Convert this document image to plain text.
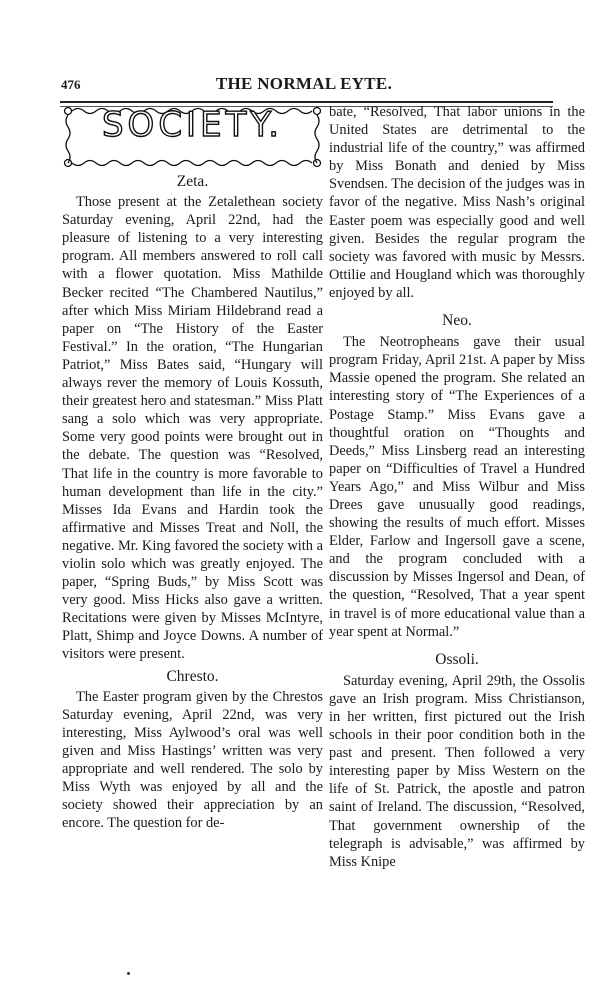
476	THE NORMAL EYTE.
SOCIETY.
Zeta.

Those present at the Zetalethean society Saturday evening, April 22nd, had the pleasure of listening to a very interesting program. All members answered to roll call with a flower quotation. Miss Mathilde Becker recited “The Chambered Nautilus,” after which Miss Miriam Hildebrand read a paper on “The History of the Easter Festival.” In the oration, “The Hungarian Patriot,” Miss Bates said, “Hungary will always rever the memory of Louis Kossuth, their greatest hero and statesman.” Miss Platt sang a solo which was very appropriate. Some very good points were brought out in the debate. The question was “Resolved, That life in the country is more favorable to human development than life in the city.” Misses Ida Evans and Hardin took the affirmative and Misses Treat and Noll, the negative. Mr. King favored the society with a violin solo which was greatly enjoyed. The paper, “Spring Buds,” by Miss Scott was very good. Miss Hicks also gave a written. Recitations were given by Misses McIntyre, Platt, Shimp and Joyce Downs. A number of visitors were present.

Chresto.

The Easter program given by the Chrestos Saturday evening, April 22nd, was very interesting, Miss Aylwood’s oral was well given and Miss Hastings’ written was very appropriate and well rendered. The solo by Miss Wyth was enjoyed by all and the society showed their appreciation by an encore. The question for de-

bate, “Resolved, That labor unions in the United States are detrimental to the industrial life of the country,” was affirmed by Miss Bonath and denied by Miss Svendsen. The decision of the judges was in favor of the negative. Miss Nash’s original Easter poem was especially good and well given. Besides the regular program the society was favored with music by Messrs. Ottilie and Hougland which was thoroughly enjoyed by all.

Neo.

The Neotropheans gave their usual program Friday, April 21st. A paper by Miss Massie opened the program. She related an interesting story of “The Experiences of a Postage Stamp.” Miss Evans gave a thoughtful oration on “Thoughts and Deeds,” Miss Linsberg read an interesting paper on “Difficulties of Travel a Hundred Years Ago,” and Miss Wilbur and Miss Drees gave unusually good readings, showing the results of much effort. Misses Elder, Farlow and Ingersoll gave a scene, and the program concluded with a discussion by Misses Ingersol and Dean, of the question, “Resolved, That a year spent in travel is of more educational value than a year spent at Normal.”

Ossoli.

Saturday evening, April 29th, the Ossolis gave an Irish program. Miss Christianson, in her written, first pictured out the Irish schools in their poor condition both in the past and present. Then followed a very interesting paper by Miss Western on the life of St. Patrick, the apostle and patron saint of Ireland. The discussion, “Resolved, That government ownership of the telegraph is advisable,” was affirmed by Miss Knipe
